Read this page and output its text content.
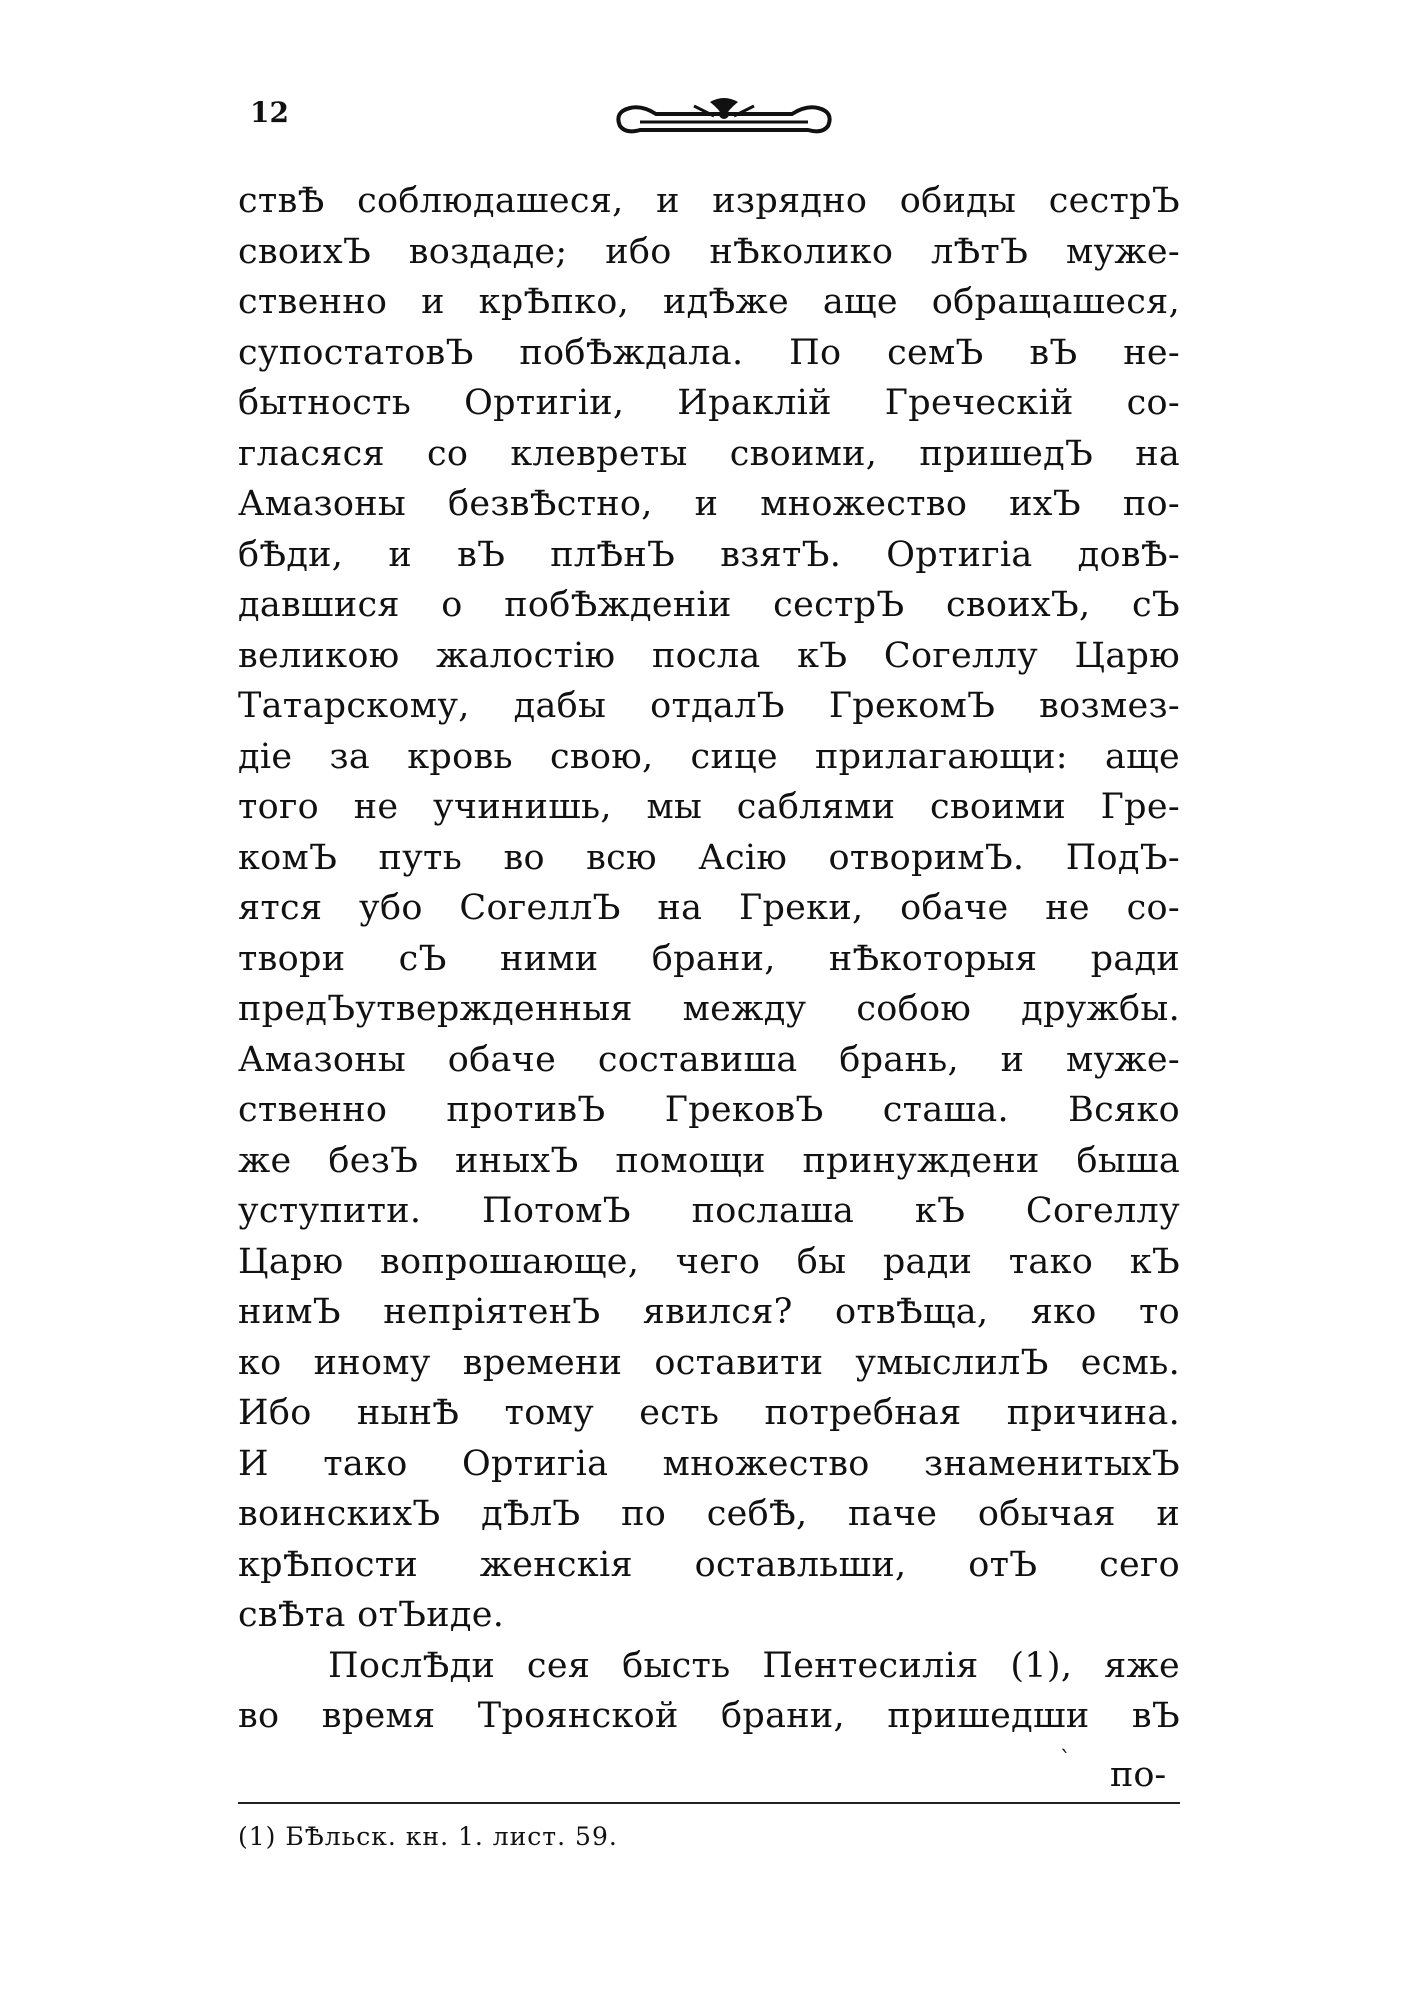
12
ствѢ соблюдашеся, и изрядно обиды сестрЪ
своихЪ воздаде; ибо нѢколико лѢтЪ муже-
ственно и крѢпко, идѢже аще обращашеся,
супостатовЪ побѢждала. По семЪ вЪ не-
бытность Ортигіи, Ираклій Греческій со-
гласяся со клевреты своими, пришедЪ на
Амазоны безвѢстно, и множество ихЪ по-
бѢди, и вЪ плѢнЪ взятЪ. Ортигіа довѢ-
давшися о побѢжденіи сестрЪ своихЪ, сЪ
великою жалостію посла кЪ Согеллу Царю
Татарскому, дабы отдалЪ ГрекомЪ возмез-
діе за кровь свою, сице прилагающи: аще
того не учинишь, мы саблями своими Гре-
комЪ путь во всю Асію отворимЪ. ПодЪ-
ятся убо СогеллЪ на Греки, обаче не со-
твори сЪ ними брани, нѢкоторыя ради
предЪутвержденныя между собою дружбы.
Амазоны обаче составиша брань, и муже-
ственно противЪ ГрековЪ сташа. Всяко
же безЪ иныхЪ помощи принуждени быша
уступити. ПотомЪ послаша кЪ Согеллу
Царю вопрошающе, чего бы ради тако кЪ
нимЪ непріятенЪ явился? отвѢща, яко то
ко иному времени оставити умыслилЪ есмь.
Ибо нынѢ тому есть потребная причина.
И тако Ортигіа множество знаменитыхЪ
воинскихЪ дѢлЪ по себѢ, паче обычая и
крѢпости женскія оставльши, отЪ сего
свѢта отЪиде.
ПослѢди сея бысть Пентесилія (1), яже
во время Троянской брани, пришедши вЪ
ˋ по-
(1) БѢльск. кн. 1. лист. 59.
